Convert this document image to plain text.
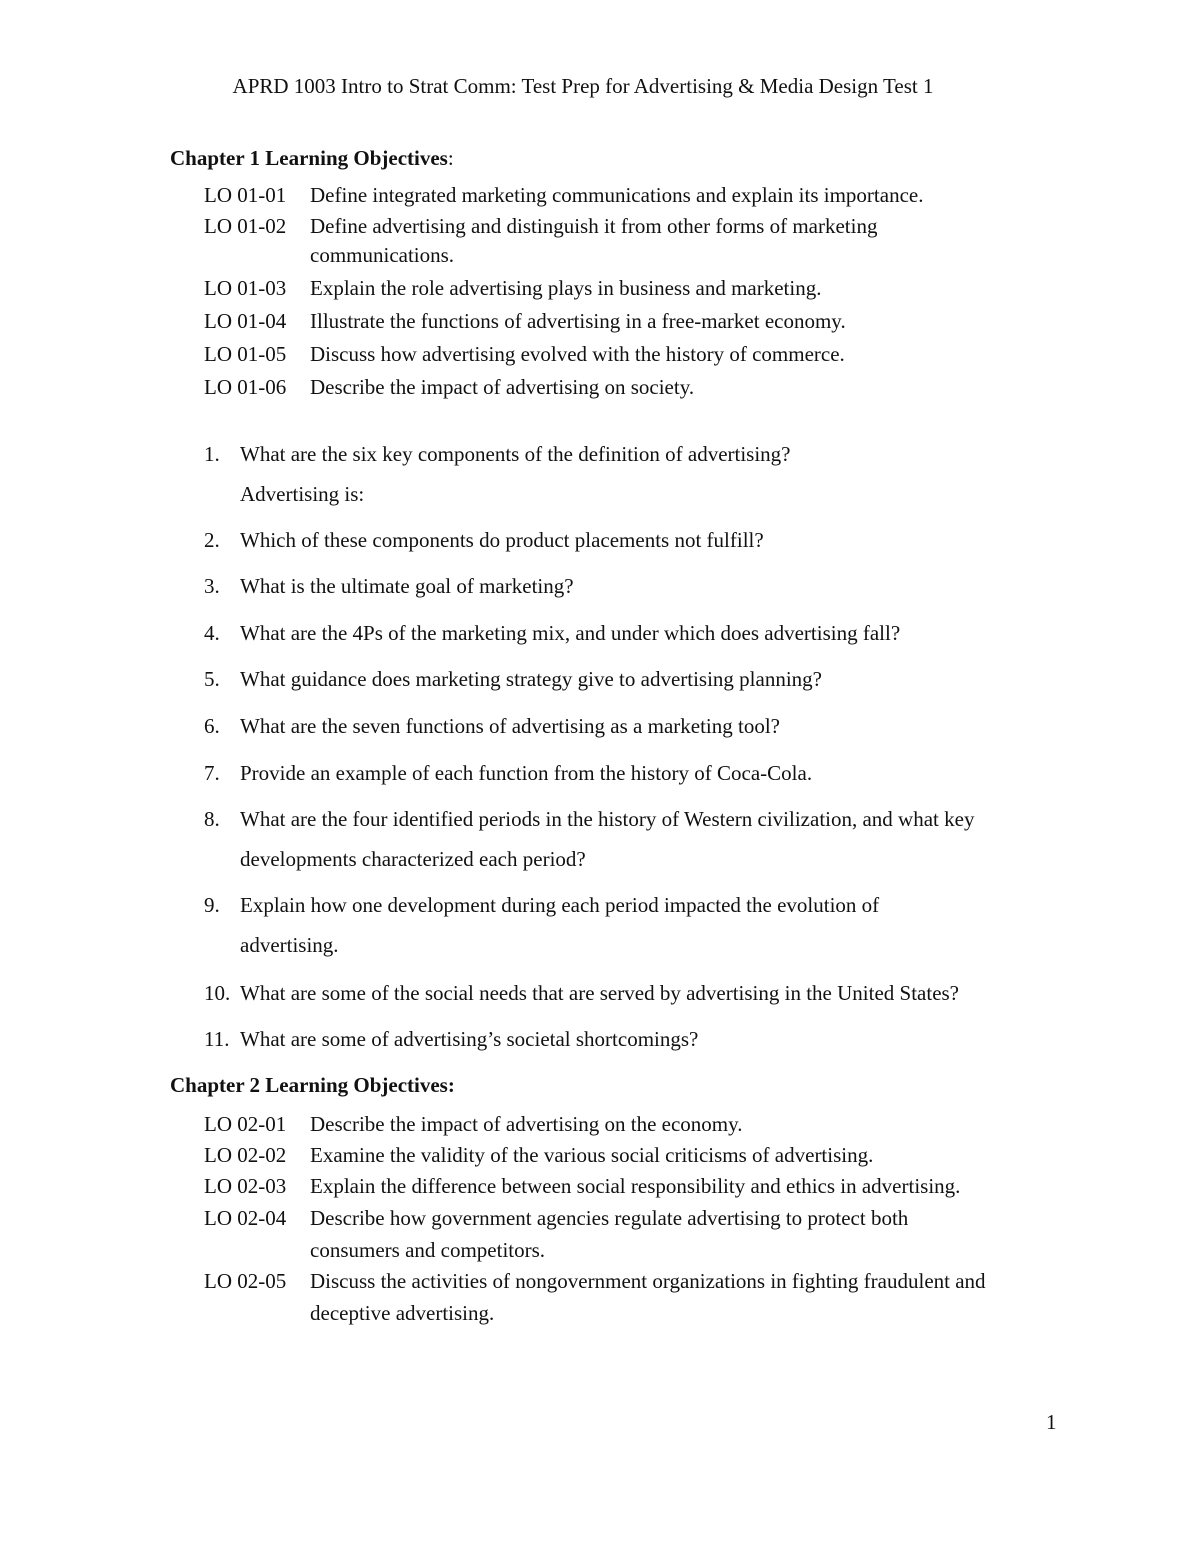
APRD 1003 Intro to Strat Comm: Test Prep for Advertising & Media Design Test 1
Chapter 1 Learning Objectives:
LO 01-01 Define integrated marketing communications and explain its importance.
LO 01-02 Define advertising and distinguish it from other forms of marketing communications.
LO 01-03 Explain the role advertising plays in business and marketing.
LO 01-04 Illustrate the functions of advertising in a free-market economy.
LO 01-05 Discuss how advertising evolved with the history of commerce.
LO 01-06 Describe the impact of advertising on society.
1. What are the six key components of the definition of advertising?
Advertising is:
2. Which of these components do product placements not fulfill?
3. What is the ultimate goal of marketing?
4. What are the 4Ps of the marketing mix, and under which does advertising fall?
5. What guidance does marketing strategy give to advertising planning?
6. What are the seven functions of advertising as a marketing tool?
7. Provide an example of each function from the history of Coca-Cola.
8. What are the four identified periods in the history of Western civilization, and what key developments characterized each period?
9. Explain how one development during each period impacted the evolution of advertising.
10. What are some of the social needs that are served by advertising in the United States?
11. What are some of advertising’s societal shortcomings?
Chapter 2 Learning Objectives:
LO 02-01 Describe the impact of advertising on the economy.
LO 02-02 Examine the validity of the various social criticisms of advertising.
LO 02-03 Explain the difference between social responsibility and ethics in advertising.
LO 02-04 Describe how government agencies regulate advertising to protect both consumers and competitors.
LO 02-05 Discuss the activities of nongovernment organizations in fighting fraudulent and deceptive advertising.
1
